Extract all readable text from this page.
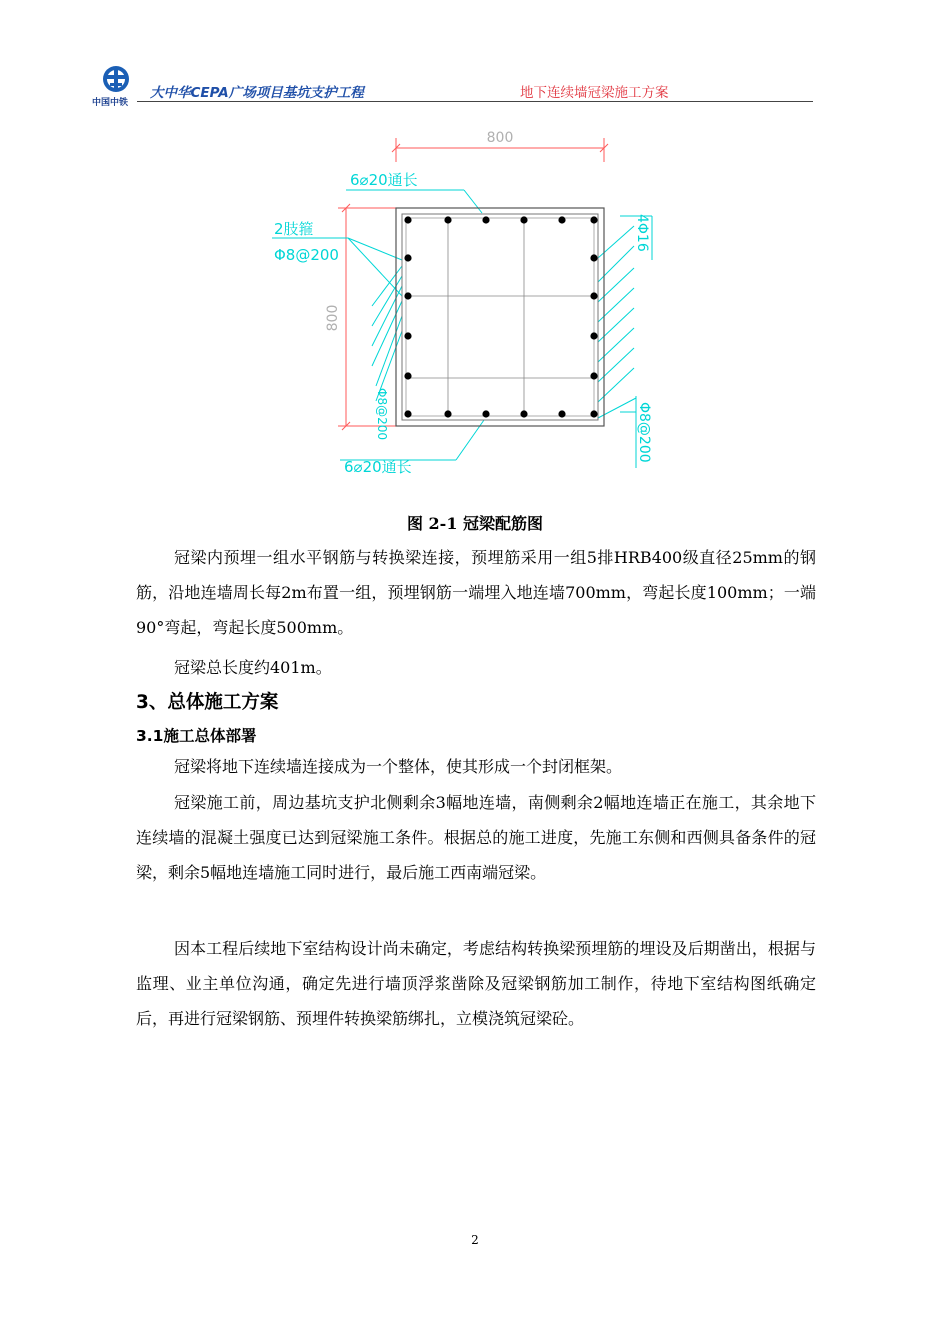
中国中铁
大中华CEPA广场项目基坑支护工程	地下连续墙冠梁施工方案
800
800
6⌀20通长
2肢箍
Φ8@200
4Φ16
Φ8@200
Φ8@200
6⌀20通长
图 2-1 冠梁配筋图

冠梁内预埋一组水平钢筋与转换梁连接，预埋筋采用一组5排HRB400级直径25mm的钢筋，沿地连墙周长每2m布置一组，预埋钢筋一端埋入地连墙700mm，弯起长度100mm；一端90°弯起，弯起长度500mm。

冠梁总长度约401m。

3、总体施工方案
3.1施工总体部署

冠梁将地下连续墙连接成为一个整体，使其形成一个封闭框架。

冠梁施工前，周边基坑支护北侧剩余3幅地连墙，南侧剩余2幅地连墙正在施工，其余地下连续墙的混凝土强度已达到冠梁施工条件。根据总的施工进度，先施工东侧和西侧具备条件的冠梁，剩余5幅地连墙施工同时进行，最后施工西南端冠梁。

因本工程后续地下室结构设计尚未确定，考虑结构转换梁预埋筋的埋设及后期凿出，根据与监理、业主单位沟通，确定先进行墙顶浮浆凿除及冠梁钢筋加工制作，待地下室结构图纸确定后，再进行冠梁钢筋、预埋件转换梁筋绑扎，立模浇筑冠梁砼。

2
